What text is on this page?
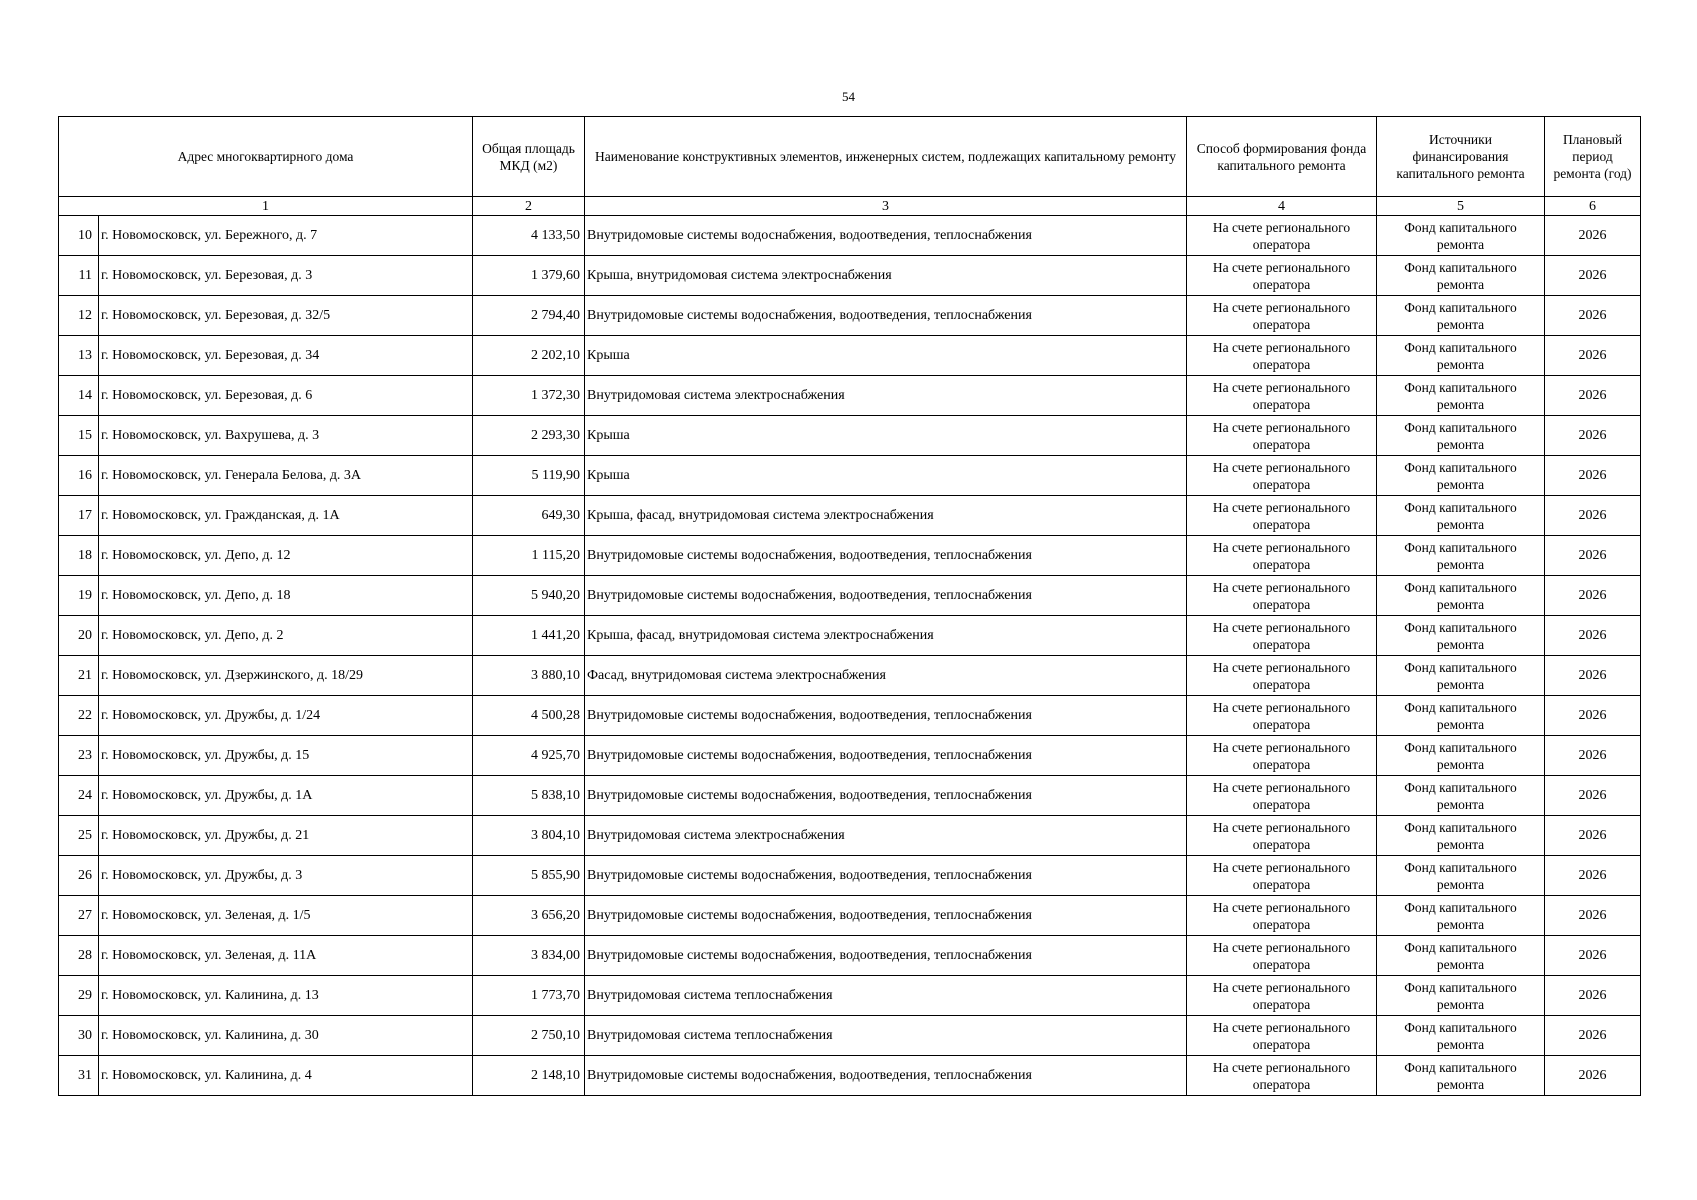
54
Адрес многоквартирного дома		Общая площадь МКД (м2)	Наименование конструктивных элементов, инженерных систем, подлежащих капитальному ремонту	Способ формирования фонда капитального ремонта	Источники финансирования капитального ремонта	Плановый период ремонта (год)
1		2	3	4	5	6
10	г. Новомосковск, ул. Бережного, д. 7	4 133,50	Внутридомовые системы водоснабжения, водоотведения, теплоснабжения	На счете регионального оператора	Фонд капитального ремонта	2026
11	г. Новомосковск, ул. Березовая, д. 3	1 379,60	Крыша, внутридомовая система электроснабжения	На счете регионального оператора	Фонд капитального ремонта	2026
12	г. Новомосковск, ул. Березовая, д. 32/5	2 794,40	Внутридомовые системы водоснабжения, водоотведения, теплоснабжения	На счете регионального оператора	Фонд капитального ремонта	2026
13	г. Новомосковск, ул. Березовая, д. 34	2 202,10	Крыша	На счете регионального оператора	Фонд капитального ремонта	2026
14	г. Новомосковск, ул. Березовая, д. 6	1 372,30	Внутридомовая система электроснабжения	На счете регионального оператора	Фонд капитального ремонта	2026
15	г. Новомосковск, ул. Вахрушева, д. 3	2 293,30	Крыша	На счете регионального оператора	Фонд капитального ремонта	2026
16	г. Новомосковск, ул. Генерала Белова, д. 3А	5 119,90	Крыша	На счете регионального оператора	Фонд капитального ремонта	2026
17	г. Новомосковск, ул. Гражданская, д. 1А	649,30	Крыша, фасад, внутридомовая система электроснабжения	На счете регионального оператора	Фонд капитального ремонта	2026
18	г. Новомосковск, ул. Депо, д. 12	1 115,20	Внутридомовые системы водоснабжения, водоотведения, теплоснабжения	На счете регионального оператора	Фонд капитального ремонта	2026
19	г. Новомосковск, ул. Депо, д. 18	5 940,20	Внутридомовые системы водоснабжения, водоотведения, теплоснабжения	На счете регионального оператора	Фонд капитального ремонта	2026
20	г. Новомосковск, ул. Депо, д. 2	1 441,20	Крыша, фасад, внутридомовая система электроснабжения	На счете регионального оператора	Фонд капитального ремонта	2026
21	г. Новомосковск, ул. Дзержинского, д. 18/29	3 880,10	Фасад, внутридомовая система электроснабжения	На счете регионального оператора	Фонд капитального ремонта	2026
22	г. Новомосковск, ул. Дружбы, д. 1/24	4 500,28	Внутридомовые системы водоснабжения, водоотведения, теплоснабжения	На счете регионального оператора	Фонд капитального ремонта	2026
23	г. Новомосковск, ул. Дружбы, д. 15	4 925,70	Внутридомовые системы водоснабжения, водоотведения, теплоснабжения	На счете регионального оператора	Фонд капитального ремонта	2026
24	г. Новомосковск, ул. Дружбы, д. 1А	5 838,10	Внутридомовые системы водоснабжения, водоотведения, теплоснабжения	На счете регионального оператора	Фонд капитального ремонта	2026
25	г. Новомосковск, ул. Дружбы, д. 21	3 804,10	Внутридомовая система электроснабжения	На счете регионального оператора	Фонд капитального ремонта	2026
26	г. Новомосковск, ул. Дружбы, д. 3	5 855,90	Внутридомовые системы водоснабжения, водоотведения, теплоснабжения	На счете регионального оператора	Фонд капитального ремонта	2026
27	г. Новомосковск, ул. Зеленая, д. 1/5	3 656,20	Внутридомовые системы водоснабжения, водоотведения, теплоснабжения	На счете регионального оператора	Фонд капитального ремонта	2026
28	г. Новомосковск, ул. Зеленая, д. 11А	3 834,00	Внутридомовые системы водоснабжения, водоотведения, теплоснабжения	На счете регионального оператора	Фонд капитального ремонта	2026
29	г. Новомосковск, ул. Калинина, д. 13	1 773,70	Внутридомовая система теплоснабжения	На счете регионального оператора	Фонд капитального ремонта	2026
30	г. Новомосковск, ул. Калинина, д. 30	2 750,10	Внутридомовая система теплоснабжения	На счете регионального оператора	Фонд капитального ремонта	2026
31	г. Новомосковск, ул. Калинина, д. 4	2 148,10	Внутридомовые системы водоснабжения, водоотведения, теплоснабжения	На счете регионального оператора	Фонд капитального ремонта	2026
